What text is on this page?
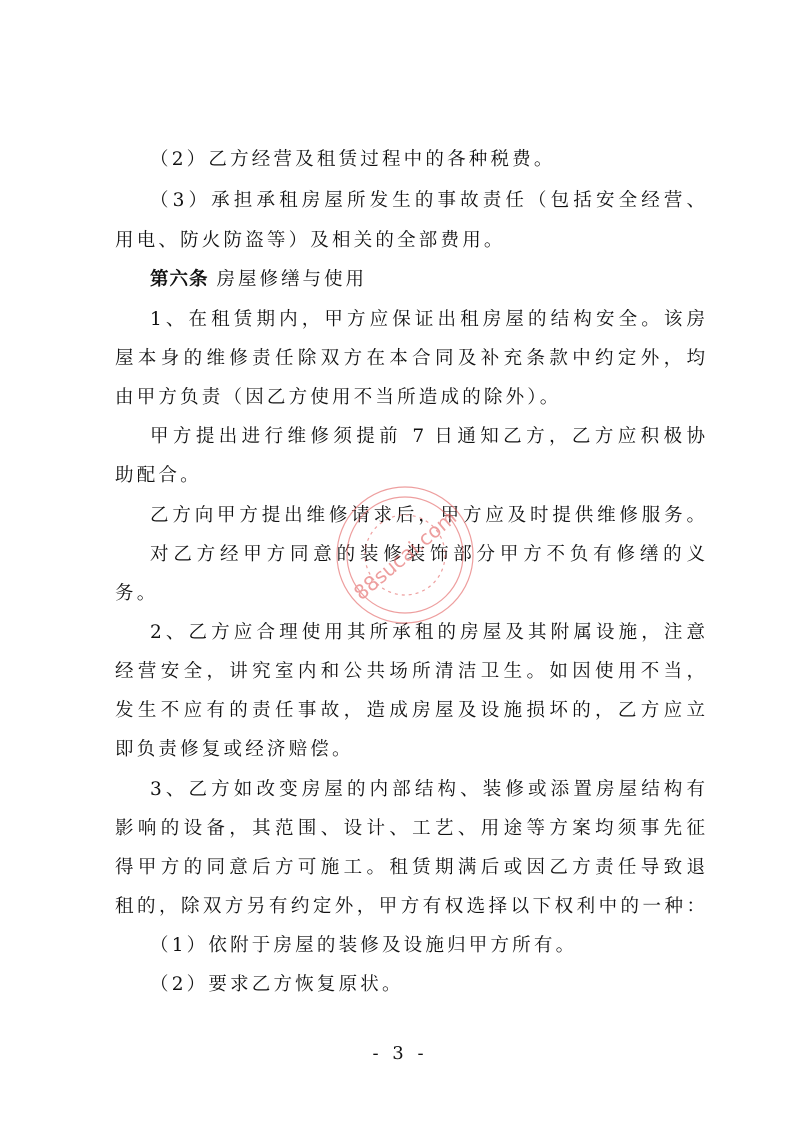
（2）乙方经营及租赁过程中的各种税费。
（3）承担承租房屋所发生的事故责任（包括安全经营、
用电、防火防盗等）及相关的全部费用。
第六条 房屋修缮与使用
1、在租赁期内，甲方应保证出租房屋的结构安全。该房
屋本身的维修责任除双方在本合同及补充条款中约定外，均
由甲方负责（因乙方使用不当所造成的除外）。
甲方提出进行维修须提前 7 日通知乙方，乙方应积极协
助配合。
乙方向甲方提出维修请求后，甲方应及时提供维修服务。
对乙方经甲方同意的装修装饰部分甲方不负有修缮的义
务。
2、乙方应合理使用其所承租的房屋及其附属设施，注意
经营安全，讲究室内和公共场所清洁卫生。如因使用不当，
发生不应有的责任事故，造成房屋及设施损坏的，乙方应立
即负责修复或经济赔偿。
3、乙方如改变房屋的内部结构、装修或添置房屋结构有
影响的设备，其范围、设计、工艺、用途等方案均须事先征
得甲方的同意后方可施工。租赁期满后或因乙方责任导致退
租的，除双方另有约定外，甲方有权选择以下权利中的一种：
（1）依附于房屋的装修及设施归甲方所有。
（2）要求乙方恢复原状。
88sucai.com
- 3 -
